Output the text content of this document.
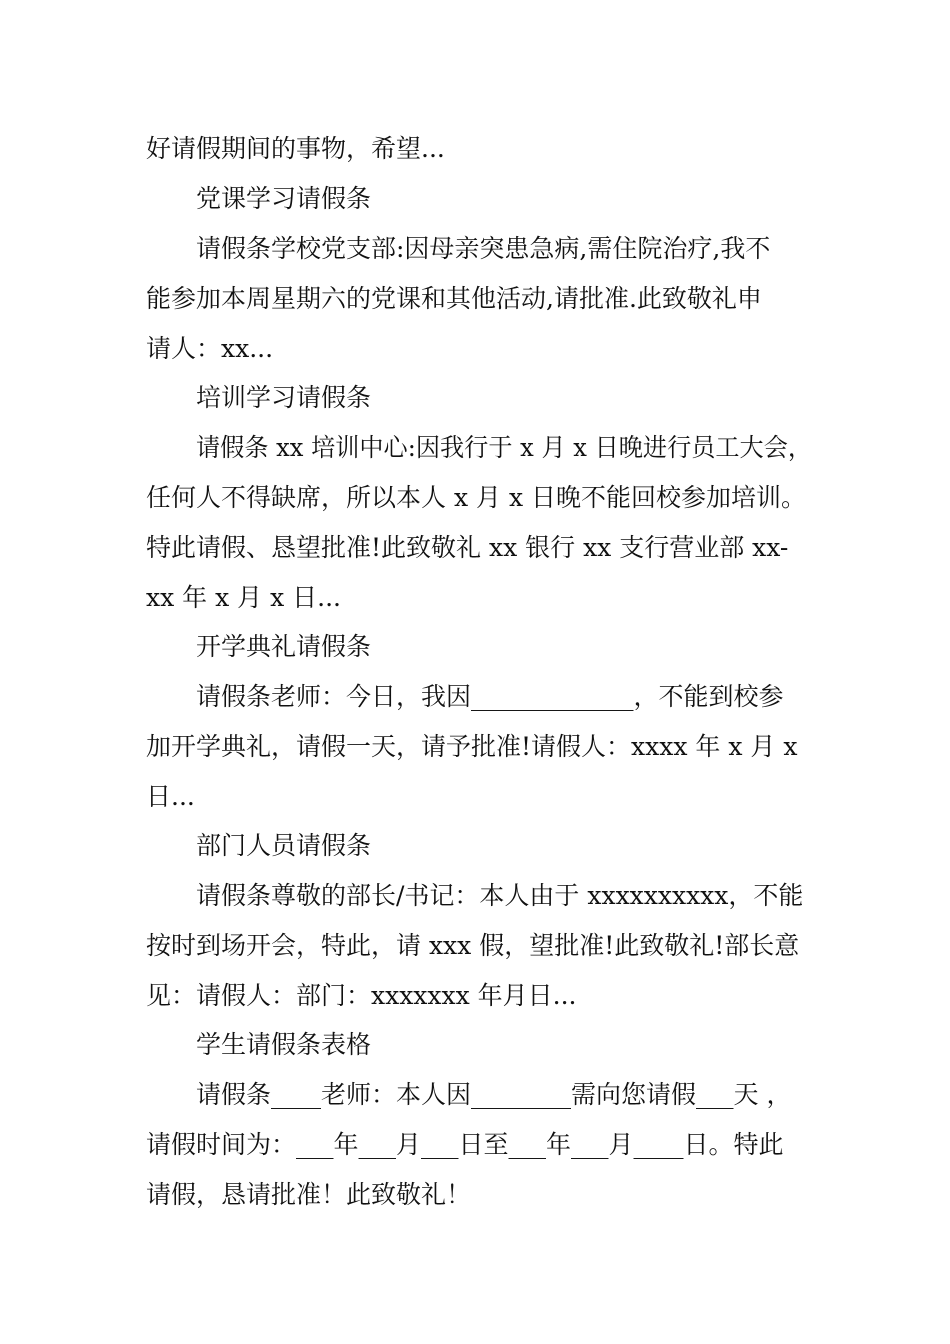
好请假期间的事物，希望...

党课学习请假条

请假条学校党支部:因母亲突患急病,需住院治疗,我不

能参加本周星期六的党课和其他活动,请批准.此致敬礼申

请人：xx...

培训学习请假条

请假条 xx 培训中心:因我行于 x 月 x 日晚进行员工大会，

任何人不得缺席，所以本人 x 月 x 日晚不能回校参加培训。

特此请假、恳望批准!此致敬礼 xx 银行 xx 支行营业部 xx-

xx 年 x 月 x 日...

开学典礼请假条

请假条老师：今日，我因_____________，不能到校参

加开学典礼，请假一天，请予批准!请假人：xxxx 年 x 月 x

日...

部门人员请假条

请假条尊敬的部长/书记：本人由于 xxxxxxxxxx，不能

按时到场开会，特此，请 xxx 假，望批准!此致敬礼!部长意

见：请假人：部门：xxxxxxx 年月日...

学生请假条表格

请假条____老师：本人因________需向您请假___天 ，

请假时间为：___年___月___日至___年___月____日。特此

请假，恳请批准！此致敬礼！
